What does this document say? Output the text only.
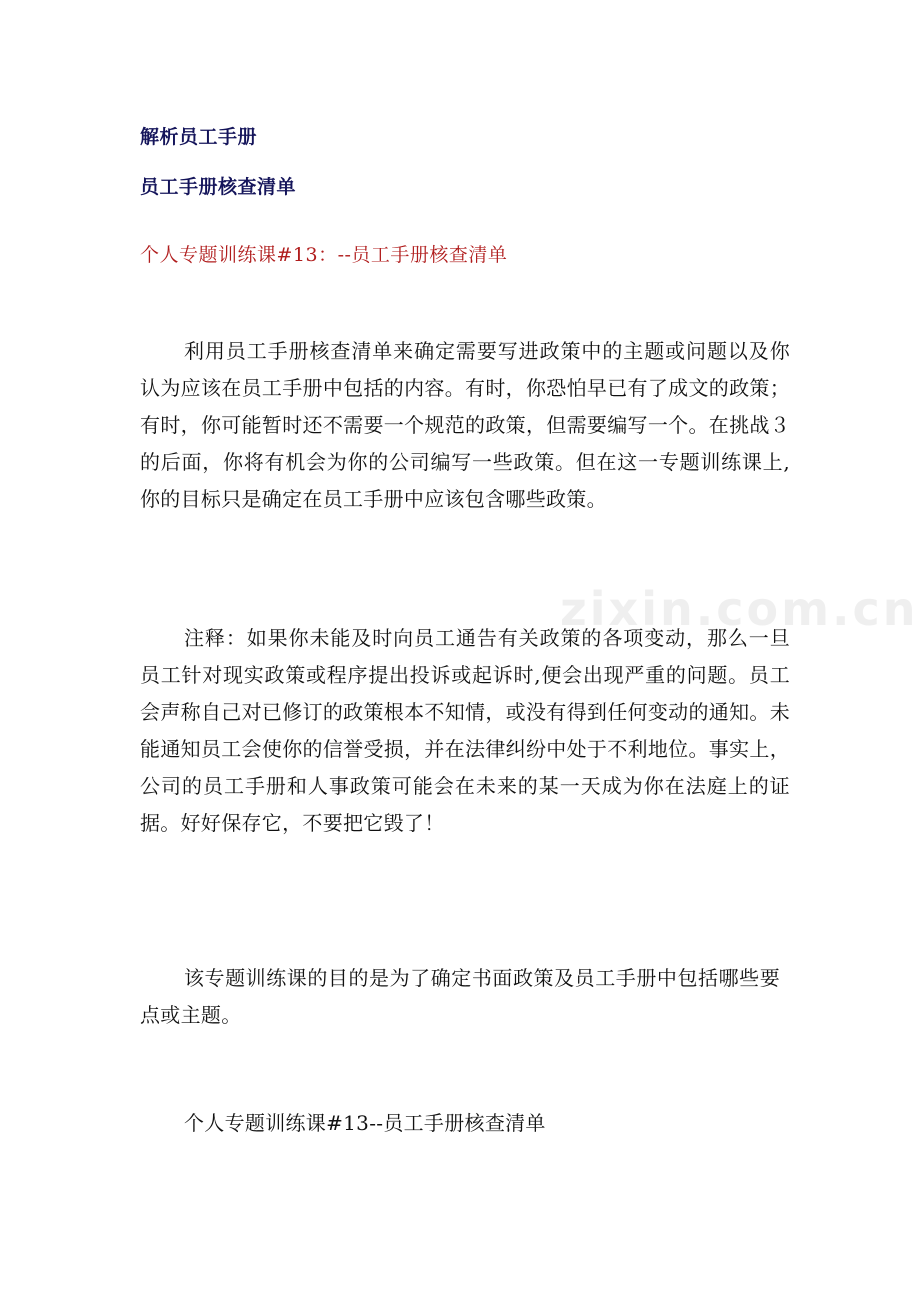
解析员工手册
员工手册核查清单
个人专题训练课#13：--员工手册核查清单
zixin.com.cn

利用员工手册核查清单来确定需要写进政策中的主题或问题以及你认为应该在员工手册中包括的内容。有时，你恐怕早已有了成文的政策；有时，你可能暂时还不需要一个规范的政策，但需要编写一个。在挑战３的后面，你将有机会为你的公司编写一些政策。但在这一专题训练课上,你的目标只是确定在员工手册中应该包含哪些政策。

注释：如果你未能及时向员工通告有关政策的各项变动，那么一旦员工针对现实政策或程序提出投诉或起诉时,便会出现严重的问题。员工会声称自己对已修订的政策根本不知情，或没有得到任何变动的通知。未能通知员工会使你的信誉受损，并在法律纠纷中处于不利地位。事实上，公司的员工手册和人事政策可能会在未来的某一天成为你在法庭上的证据。好好保存它，不要把它毁了！

该专题训练课的目的是为了确定书面政策及员工手册中包括哪些要点或主题。

个人专题训练课#13--员工手册核查清单
